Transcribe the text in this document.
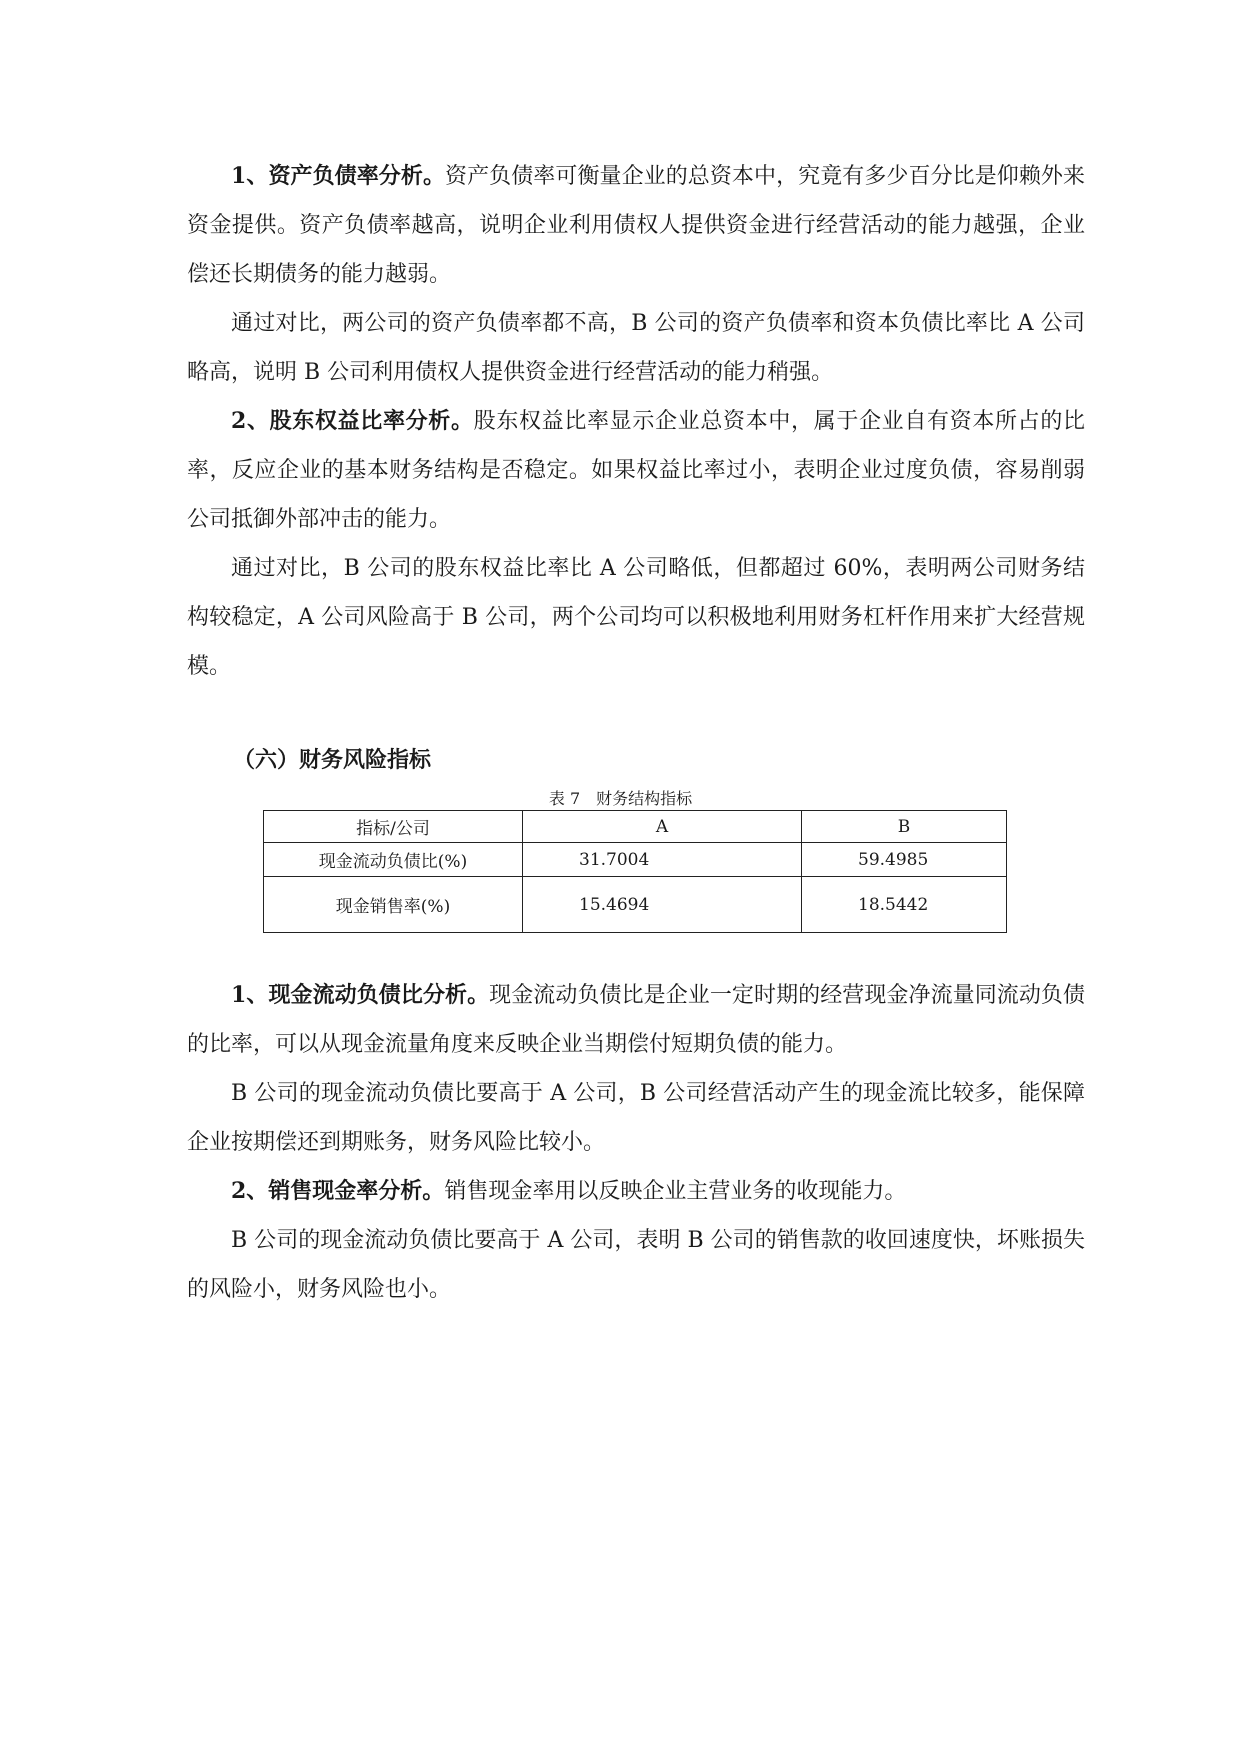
1、资产负债率分析。资产负债率可衡量企业的总资本中，究竟有多少百分比是仰赖外来资金提供。资产负债率越高，说明企业利用债权人提供资金进行经营活动的能力越强，企业偿还长期债务的能力越弱。

通过对比，两公司的资产负债率都不高，B 公司的资产负债率和资本负债比率比 A 公司略高，说明 B 公司利用债权人提供资金进行经营活动的能力稍强。

2、股东权益比率分析。股东权益比率显示企业总资本中，属于企业自有资本所占的比率，反应企业的基本财务结构是否稳定。如果权益比率过小，表明企业过度负债，容易削弱公司抵御外部冲击的能力。

通过对比，B 公司的股东权益比率比 A 公司略低，但都超过 60%，表明两公司财务结构较稳定，A 公司风险高于 B 公司，两个公司均可以积极地利用财务杠杆作用来扩大经营规模。

（六）财务风险指标

表 7　财务结构指标

指标/公司	A	B
现金流动负债比(%)	31.7004	59.4985
现金销售率(%)	15.4694	18.5442

1、现金流动负债比分析。现金流动负债比是企业一定时期的经营现金净流量同流动负债的比率，可以从现金流量角度来反映企业当期偿付短期负债的能力。

B 公司的现金流动负债比要高于 A 公司，B 公司经营活动产生的现金流比较多，能保障企业按期偿还到期账务，财务风险比较小。

2、销售现金率分析。销售现金率用以反映企业主营业务的收现能力。

B 公司的现金流动负债比要高于 A 公司，表明 B 公司的销售款的收回速度快，坏账损失的风险小，财务风险也小。
